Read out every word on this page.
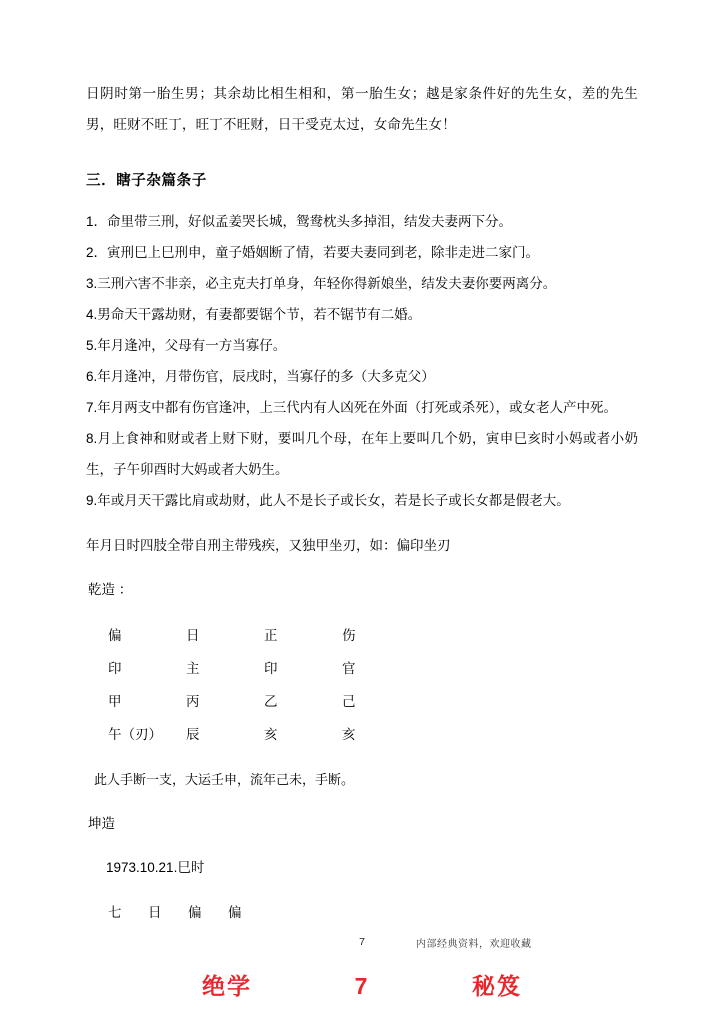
日阴时第一胎生男；其余劫比相生相和，第一胎生女；越是家条件好的先生女，差的先生男，旺财不旺丁，旺丁不旺财，日干受克太过，女命先生女！

三．瞎子杂篇条子
1．命里带三刑，好似孟姜哭长城，鸳鸯枕头多掉泪，结发夫妻两下分。
2．寅刑巳上巳刑申，童子婚姻断了情，若要夫妻同到老，除非走进二家门。
3.三刑六害不非亲，必主克夫打单身，年轻你得新娘坐，结发夫妻你要两离分。
4.男命天干露劫财，有妻都要锯个节，若不锯节有二婚。
5.年月逢冲，父母有一方当寡仔。
6.年月逢冲，月带伤官，辰戌时，当寡仔的多（大多克父）
7.年月两支中都有伤官逢冲，上三代内有人凶死在外面（打死或杀死），或女老人产中死。
8.月上食神和财或者上财下财，要叫几个母，在年上要叫几个奶，寅申巳亥时小妈或者小奶生，子午卯酉时大妈或者大奶生。
9.年或月天干露比肩或劫财，此人不是长子或长女，若是长子或长女都是假老大。

年月日时四肢全带自刑主带残疾，又独甲坐刃，如：偏印坐刃

乾造 ：

偏	日	正	伤
印	主	印	官
甲	丙	乙	己
午（刃）	辰	亥	亥

此人手断一支，大运壬申，流年己未，手断。

坤造

1973.10.21.巳时

七	日	偏	偏
7	内部经典资料，欢迎收藏
绝学	7	秘笈
